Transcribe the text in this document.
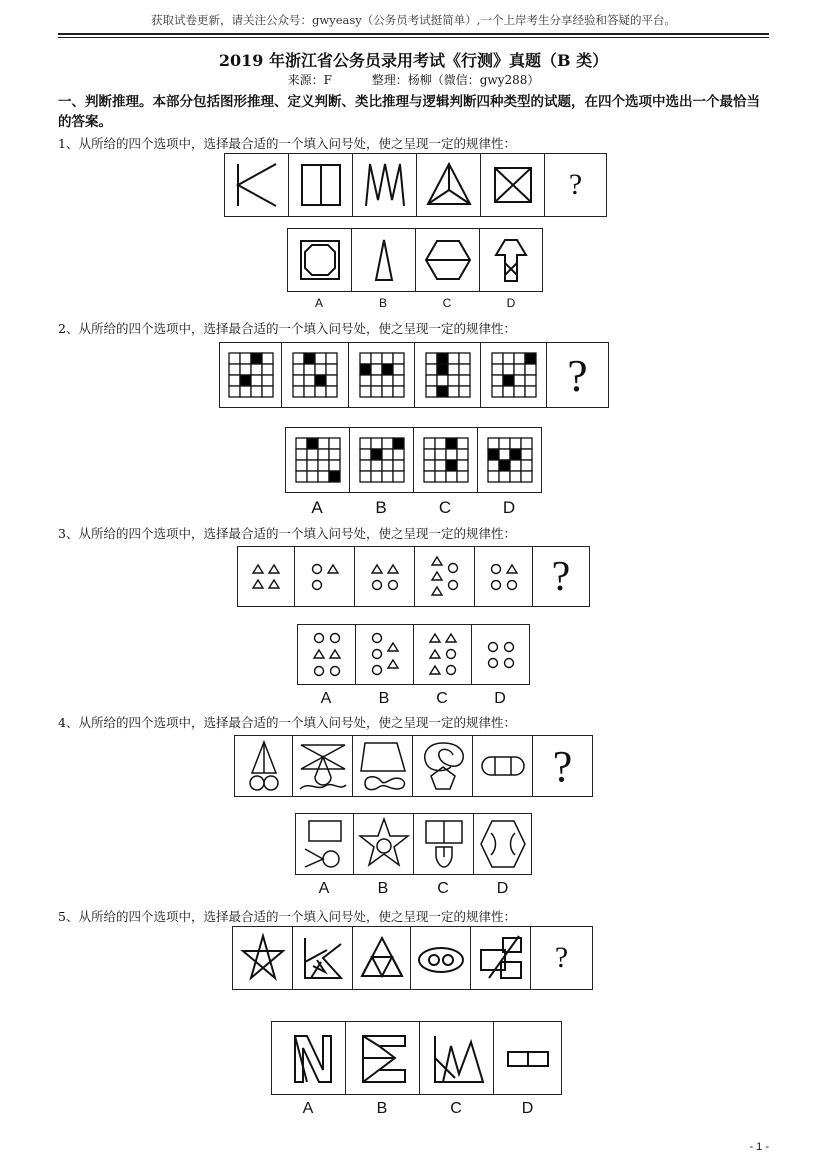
获取试卷更新，请关注公众号：gwyeasy（公务员考试挺简单）,一个上岸考生分享经验和答疑的平台。
2019 年浙江省公务员录用考试《行测》真题（B 类）
来源：F	整理：杨柳（微信：gwy288）
一、判断推理。本部分包括图形推理、定义判断、类比推理与逻辑判断四种类型的试题，在四个选项中选出一个最恰当的答案。
1、从所给的四个选项中，选择最合适的一个填入问号处，使之呈现一定的规律性：
?
A	B	C	D
2、从所给的四个选项中，选择最合适的一个填入问号处，使之呈现一定的规律性：
?
A	B	C	D
3、从所给的四个选项中，选择最合适的一个填入问号处，使之呈现一定的规律性：
?
A	B	C	D
4、从所给的四个选项中，选择最合适的一个填入问号处，使之呈现一定的规律性：
?
A	B	C	D
5、从所给的四个选项中，选择最合适的一个填入问号处，使之呈现一定的规律性：
?
A	B	C	D
- 1 -
